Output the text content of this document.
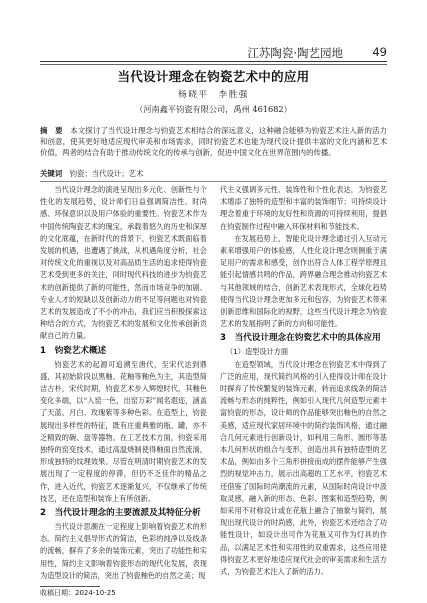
江苏陶瓷·陶艺园地	49
当代设计理念在钧瓷艺术中的应用
杨晓平　李胜强
（河南鑫平钧瓷有限公司，禹州 461682）

摘　要　 本文探讨了当代设计理念与钧瓷艺术相结合的深远意义，这种融合能够为钧瓷艺术注入新的活力和创意，使其更好地适应现代审美和市场需求，同时钧瓷艺术也能为现代设计提供丰富的文化内涵和艺术价值，两者的结合有助于推动传统文化的传承与创新，促进中国文化在世界范围内的传播。

关键词　 钧瓷；当代设计；艺术

当代设计理念的演进呈现出多元化、创新性与个性化的发展趋势，设计师们日益强调简洁性、时尚感、环保意识以及用户体验的重要性。钧瓷艺术作为中国传统陶瓷艺术的瑰宝，承载着悠久的历史和深厚的文化底蕴，在新时代的背景下，钧瓷艺术既面临着发展的机遇，也遭遇了挑战，从机遇角度分析，社会对传统文化的重视以及对高品质生活的追求使得钧瓷艺术受到更多的关注，同时现代科技的进步为钧瓷艺术的创新提供了新的可能性，然而市场竞争的加剧、专业人才的短缺以及创新动力的不足等问题也对钧瓷艺术的发展造成了不小的冲击，我们应当积极探索这种结合的方式，为钧瓷艺术的发展和文化传承创新贡献自己的力量。

1　钧瓷艺术概述

钧瓷艺术的起源可追溯至唐代，至宋代达到鼎盛，其初始阶段以黑釉、花釉等釉色为主，其造型简洁古朴，宋代时期，钧瓷艺术步入辉煌时代，其釉色变化多端，以“入窑一色，出窑万彩”闻名遐迩，涵盖了天蓝、月白、玫瑰紫等多种色彩。在造型上，钧瓷展现出多样性的特征，既有庄重典雅的瓶、罐，亦不乏精致的碗、盘等器物。在工艺技术方面，钧瓷采用独特的窑变技术，通过高温烧制使得釉面自然流淌，形成独特的纹理效果。尽管在明清时期钧瓷艺术的发展出现了一定程度的停滞，但仍不乏佳作的精品之作，进入近代，钧瓷艺术逐渐复兴，不仅继承了传统技艺，还在造型和装饰上有所创新。

2　当代设计理念的主要流派及其特征分析

当代设计思潮在一定程度上影响着钧瓷艺术的形态。简约主义倡导形式的简洁，色彩的纯净以及线条的流畅，摒弃了多余的装饰元素，突出了功能性和实用性，简约主义影响着钧瓷形态的现代化发展，表现为造型设计的简洁，突出了钧瓷釉色的自然之美；现

代主义强调多元性、装饰性和个性化表达，为钧瓷艺术增添了独特的造型和丰富的装饰细节；可持续设计理念着重于环境的友好性和资源的可持续利用，提倡在钧瓷制作过程中融入环保材料和节能技术。

在发展趋势上，智能化设计理念通过引入互动元素来增强用户的体验感，人性化设计理念则侧重于满足用户的需求和感受，创作出符合人体工程学原理且能引起情感共鸣的作品，跨界融合理念推动钧瓷艺术与其他领域的结合，创新艺术表现形式，全球化趋势使得当代设计理念更加多元和包容，为钧瓷艺术带来创新思维和国际化的视野，这些当代设计理念为钧瓷艺术的发展指明了新的方向和可能性。

3　当代设计理念在钧瓷艺术中的具体应用
（1）造型设计方面

在造型领域，当代设计理念在钧瓷艺术中得到了广泛的应用，现代简约风格的引入使得设计师在设计时摒弃了传统繁复的装饰元素，转而追求线条的简洁流畅与形态的纯粹性，例如引入现代几何造型元素丰富钧瓷的形态，设计师的作品能够突出釉色的自然之美感，适应现代家居环境中的简约装饰风格，通过融合几何元素进行创新设计，如利用三角形、圆形等基本几何形状的组合与变形，创造出具有独特造型的艺术品，例如由多个三角形拼接而成的摆件能够产生强烈的视觉冲击力，展示出高超的工艺水平，钧瓷艺术还借鉴了国际时尚潮流的元素，从国际时尚设计中汲取灵感，融入新的形态、色彩、图案和造型趋势，例如采用不对称设计或在花瓶上融合了抽象与简约，展现出现代设计的时尚感，此外，钧瓷艺术还结合了功能性设计，如设计出可作为花瓶又可作为灯具的作品，以满足艺术性和实用性的双重需求，这些应用使得钧瓷艺术更好地适应现代社会的审美需求和生活方式，为钧瓷艺术注入了新的活力。

收稿日期：2024-10-25
